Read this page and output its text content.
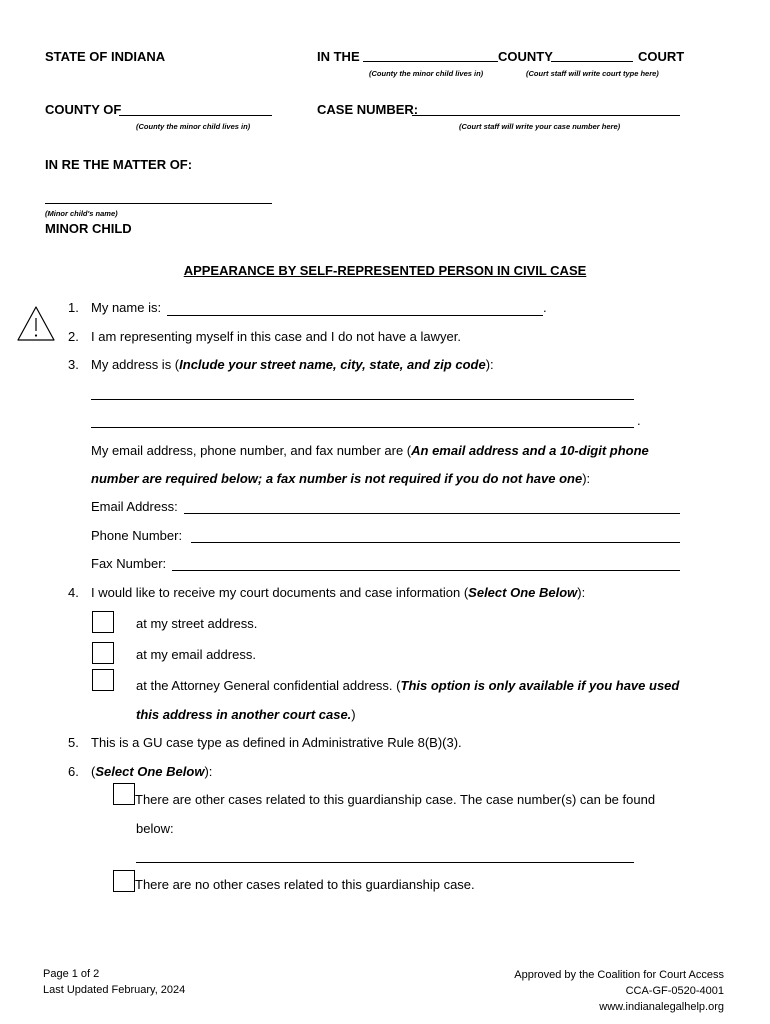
STATE OF INDIANA	IN THE	COUNTY	COURT
(County the minor child lives in)	(Court staff will write court type here)
COUNTY OF
(County the minor child lives in)
CASE NUMBER:
(Court staff will write your case number here)
IN RE THE MATTER OF:
(Minor child's name)
MINOR CHILD
APPEARANCE BY SELF-REPRESENTED PERSON IN CIVIL CASE
1. My name is:	.
2. I am representing myself in this case and I do not have a lawyer.
3. My address is (Include your street name, city, state, and zip code):
.
My email address, phone number, and fax number are (An email address and a 10-digit phone
number are required below; a fax number is not required if you do not have one):
Email Address:
Phone Number:
Fax Number:
4. I would like to receive my court documents and case information (Select One Below):
at my street address.
at my email address.
at the Attorney General confidential address. (This option is only available if you have used
this address in another court case.)
5. This is a GU case type as defined in Administrative Rule 8(B)(3).
6. (Select One Below):
There are other cases related to this guardianship case. The case number(s) can be found
below:
There are no other cases related to this guardianship case.
Page 1 of 2
Last Updated February, 2024
Approved by the Coalition for Court Access
CCA-GF-0520-4001
www.indianalegalhelp.org
